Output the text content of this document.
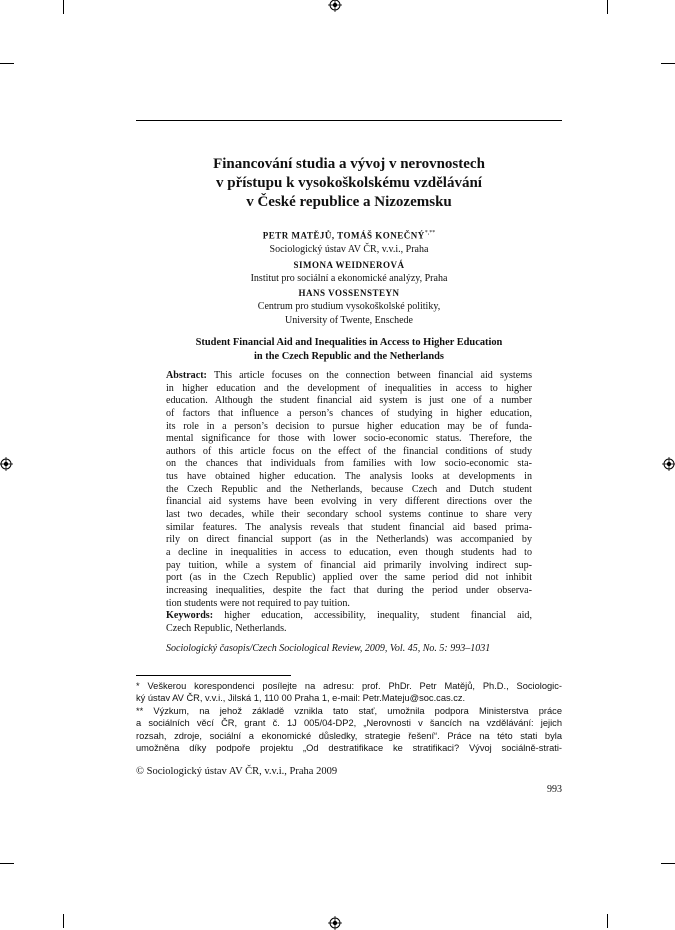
Financování studia a vývoj v nerovnostech
v přístupu k vysokoškolskému vzdělávání
v České republice a Nizozemsku
PETR MATĚJŮ, TOMÁŠ KONEČNÝ*,**
Sociologický ústav AV ČR, v.v.i., Praha
SIMONA WEIDNEROVÁ
Institut pro sociální a ekonomické analýzy, Praha
HANS VOSSENSTEYN
Centrum pro studium vysokoškolské politiky,
University of Twente, Enschede
Student Financial Aid and Inequalities in Access to Higher Education
in the Czech Republic and the Netherlands
Abstract: This article focuses on the connection between financial aid systems
in higher education and the development of inequalities in access to higher
education. Although the student financial aid system is just one of a number
of factors that influence a person’s chances of studying in higher education,
its role in a person’s decision to pursue higher education may be of funda-
mental significance for those with lower socio-economic status. Therefore, the
authors of this article focus on the effect of the financial conditions of study
on the chances that individuals from families with low socio-economic sta-
tus have obtained higher education. The analysis looks at developments in
the Czech Republic and the Netherlands, because Czech and Dutch student
financial aid systems have been evolving in very different directions over the
last two decades, while their secondary school systems continue to share very
similar features. The analysis reveals that student financial aid based prima-
rily on direct financial support (as in the Netherlands) was accompanied by
a decline in inequalities in access to education, even though students had to
pay tuition, while a system of financial aid primarily involving indirect sup-
port (as in the Czech Republic) applied over the same period did not inhibit
increasing inequalities, despite the fact that during the period under observa-
tion students were not required to pay tuition.
Keywords: higher education, accessibility, inequality, student financial aid,
Czech Republic, Netherlands.
Sociologický časopis/Czech Sociological Review, 2009, Vol. 45, No. 5: 993–1031
* Veškerou korespondenci posílejte na adresu: prof. PhDr. Petr Matějů, Ph.D., Sociologic-
ký ústav AV ČR, v.v.i., Jilská 1, 110 00 Praha 1, e-mail: Petr.Mateju@soc.cas.cz.
** Výzkum, na jehož základě vznikla tato stať, umožnila podpora Ministerstva práce
a sociálních věcí ČR, grant č. 1J 005/04-DP2, „Nerovnosti v šancích na vzdělávání: jejich
rozsah, zdroje, sociální a ekonomické důsledky, strategie řešení“. Práce na této stati byla
umožněna díky podpoře projektu „Od destratifikace ke stratifikaci? Vývoj sociálně-strati-
© Sociologický ústav AV ČR, v.v.i., Praha 2009
993
